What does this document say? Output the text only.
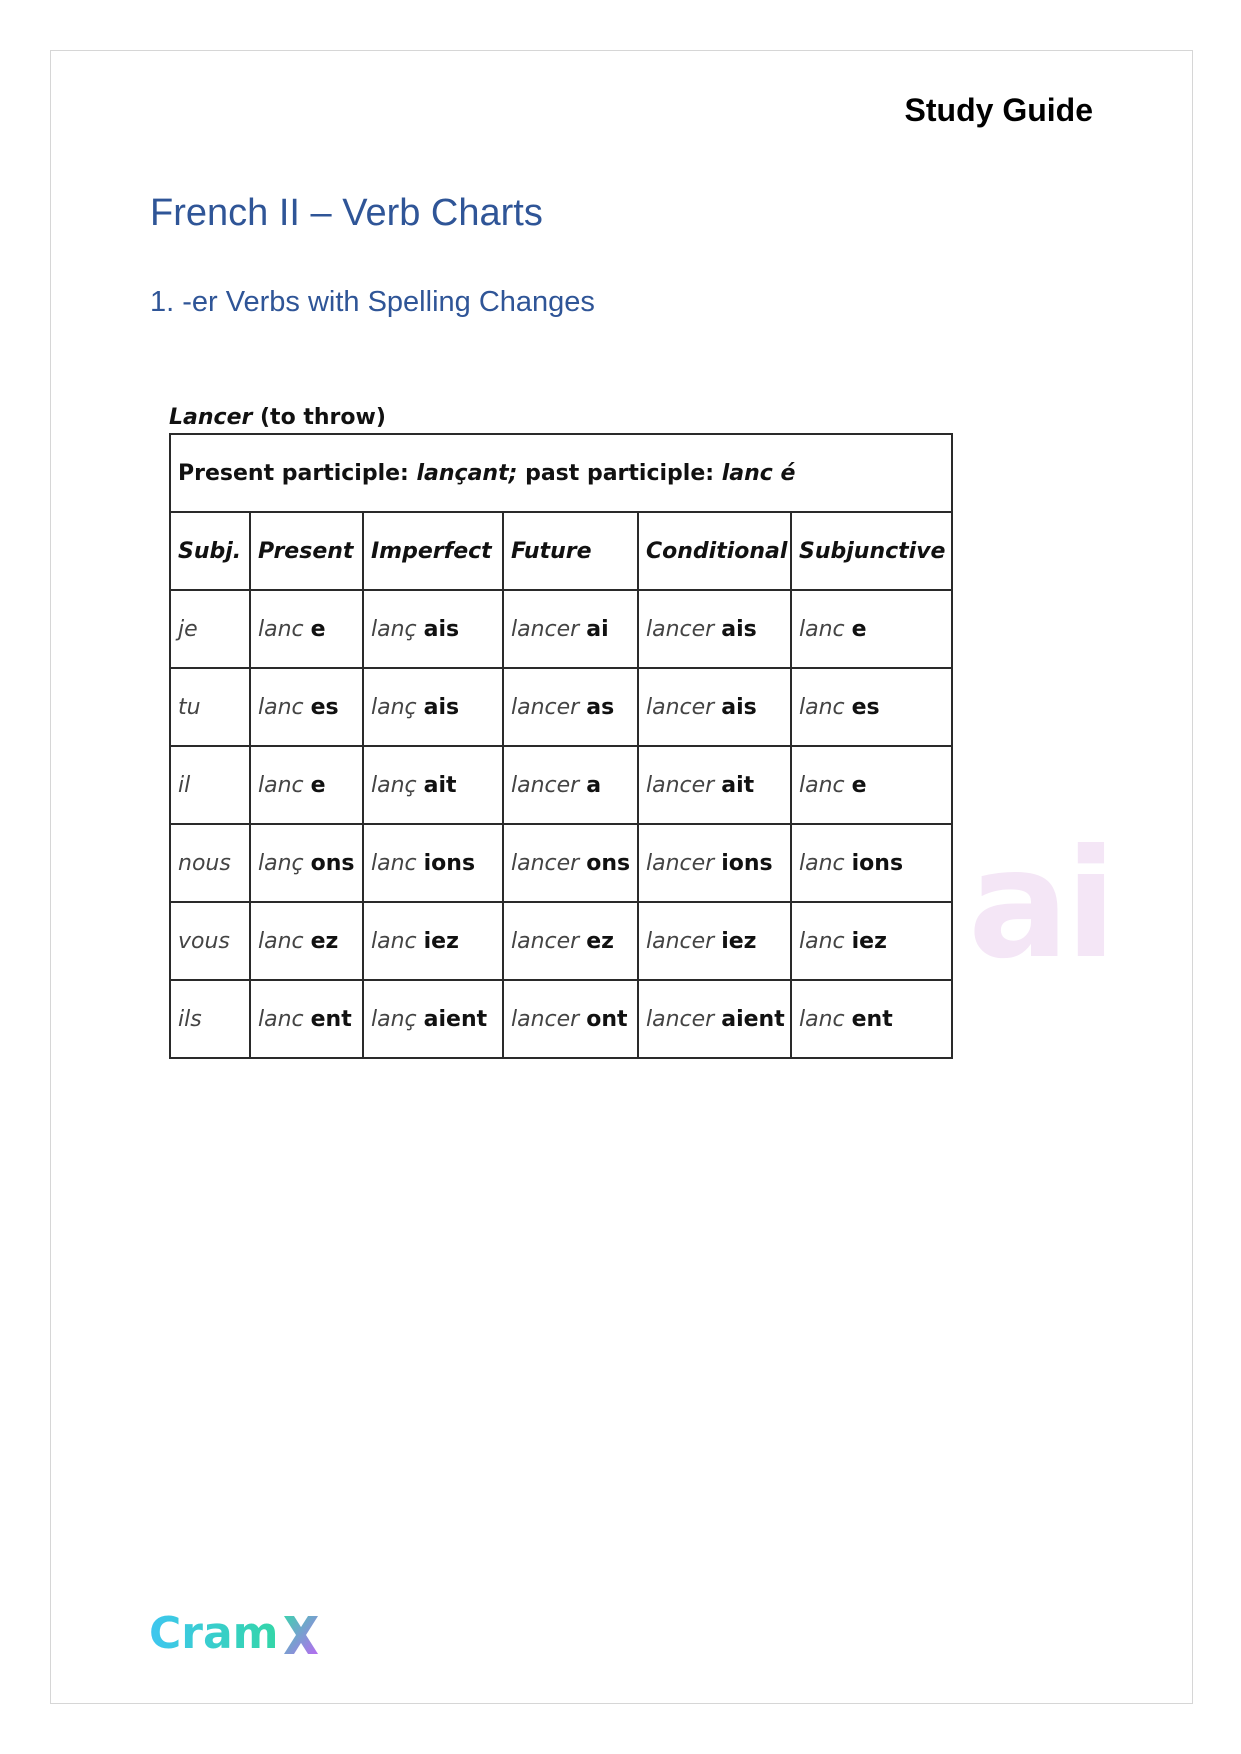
Study Guide
French II – Verb Charts
1. -er Verbs with Spelling Changes
Lancer (to throw)
Present participle: lançant; past participle: lanc é					
Subj.	Present	Imperfect	Future	Conditional	Subjunctive
je	lanc e	lanç ais	lancer ai	lancer ais	lanc e
tu	lanc es	lanç ais	lancer as	lancer ais	lanc es
il	lanc e	lanç ait	lancer a	lancer ait	lanc e
nous	lanç ons	lanc ions	lancer ons	lancer ions	lanc ions
vous	lanc ez	lanc iez	lancer ez	lancer iez	lanc iez
ils	lanc ent	lanç aient	lancer ont	lancer aient	lanc ent
ai
Cram
